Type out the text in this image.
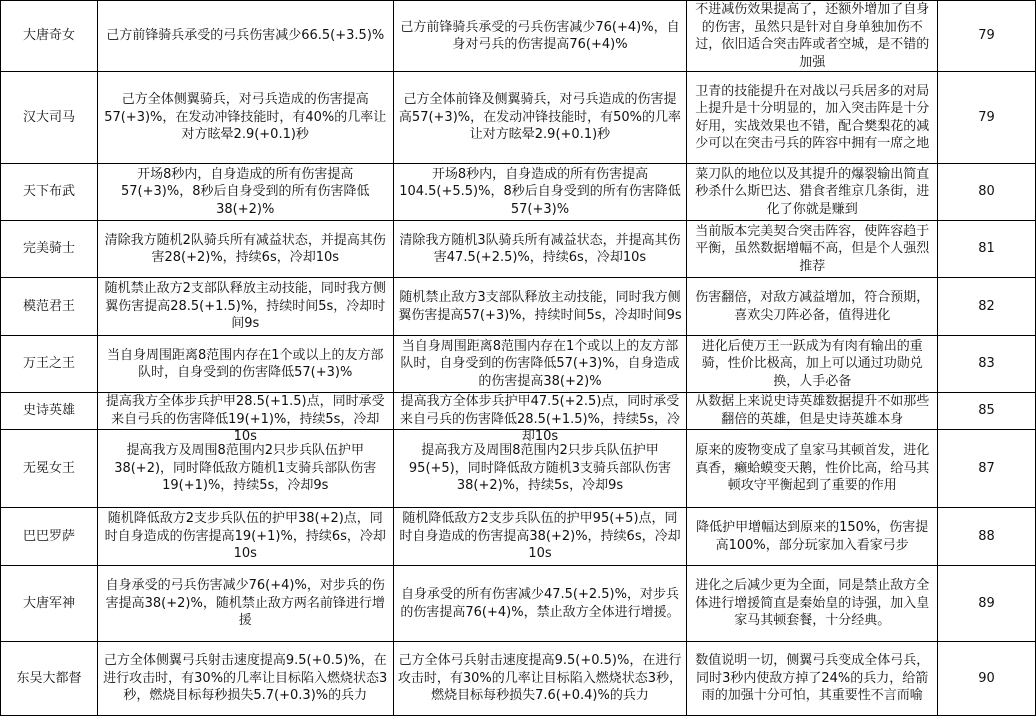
大唐奇女	己方前锋骑兵承受的弓兵伤害减少66.5(+3.5)%	己方前锋骑兵承受的弓兵伤害减少76(+4)%，自身对弓兵的伤害提高76(+4)%	不进减伤效果提高了，还额外增加了自身的伤害，虽然只是针对自身单独加伤不过，依旧适合突击阵或者空城，是不错的加强	79
汉大司马	己方全体侧翼骑兵，对弓兵造成的伤害提高57(+3)%，在发动冲锋技能时，有40%的几率让对方眩晕2.9(+0.1)秒	己方全体前锋及侧翼骑兵，对弓兵造成的伤害提高57(+3)%，在发动冲锋技能时，有50%的几率让对方眩晕2.9(+0.1)秒	卫青的技能提升在对战以弓兵居多的对局上提升是十分明显的，加入突击阵是十分好用，实战效果也不错，配合樊梨花的减少可以在突击弓兵的阵容中拥有一席之地	79
天下布武	开场8秒内，自身造成的所有伤害提高57(+3)%，8秒后自身受到的所有伤害降低38(+2)%	开场8秒内，自身造成的所有伤害提高104.5(+5.5)%，8秒后自身受到的所有伤害降低57(+3)%	菜刀队的地位以及其提升的爆裂输出简直秒杀什么斯巴达、猎食者维京几条街，进化了你就是赚到	80
完美骑士	清除我方随机2队骑兵所有减益状态，并提高其伤害28(+2)%，持续6s，冷却10s	清除我方随机3队骑兵所有减益状态，并提高其伤害47.5(+2.5)%，持续6s，冷却10s	当前版本完美契合突击阵容，使阵容趋于平衡，虽然数据增幅不高，但是个人强烈推荐	81
模范君王	随机禁止敌方2支部队释放主动技能，同时我方侧翼伤害提高28.5(+1.5)%，持续时间5s，冷却时间9s	随机禁止敌方3支部队释放主动技能，同时我方侧翼伤害提高57(+3)%，持续时间5s，冷却时间9s	伤害翻倍，对敌方减益增加，符合预期，喜欢尖刀阵必备，值得进化	82
万王之王	当自身周围距离8范围内存在1个或以上的友方部队时，自身受到的伤害降低57(+3)%	当自身周围距离8范围内存在1个或以上的友方部队时，自身受到的伤害降低57(+3)%，自身造成的伤害提高38(+2)%	进化后使万王一跃成为有肉有输出的重骑，性价比极高，加上可以通过功勋兑换，人手必备	83
史诗英雄	提高我方全体步兵护甲28.5(+1.5)点，同时承受来自弓兵的伤害降低19(+1)%，持续5s，冷却10s	提高我方全体步兵护甲47.5(+2.5)点，同时承受来自弓兵的伤害降低28.5(+1.5)%，持续5s，冷却10s	从数据上来说史诗英雄数据提升不如那些翻倍的英雄，但是史诗英雄本身	85
无冕女王	提高我方及周围8范围内2只步兵队伍护甲38(+2)，同时降低敌方随机1支骑兵部队伤害19(+1)%，持续5s，冷却9s	提高我方及周围8范围内2只步兵队伍护甲95(+5)，同时降低敌方随机3支骑兵部队伤害38(+2)%，持续5s，冷却9s	原来的废物变成了皇家马其顿首发，进化真香，癞蛤蟆变天鹅，性价比高，给马其顿攻守平衡起到了重要的作用	87
巴巴罗萨	随机降低敌方2支步兵队伍的护甲38(+2)点，同时自身造成的伤害提高19(+1)%，持续6s，冷却10s	随机降低敌方2支步兵队伍的护甲95(+5)点，同时自身造成的伤害提高38(+2)%，持续6s，冷却10s	降低护甲增幅达到原来的150%，伤害提高100%，部分玩家加入看家弓步	88
大唐军神	自身承受的弓兵伤害减少76(+4)%，对步兵的伤害提高38(+2)%，随机禁止敌方两名前锋进行增援	自身承受的所有伤害减少47.5(+2.5)%，对步兵的伤害提高76(+4)%，禁止敌方全体进行增援。	进化之后减少更为全面，同是禁止敌方全体进行增援简直是秦始皇的诗强，加入皇家马其顿套餐，十分经典。	89
东吴大都督	己方全体侧翼弓兵射击速度提高9.5(+0.5)%，在进行攻击时，有30%的几率让目标陷入燃烧状态3秒，燃烧目标每秒损失5.7(+0.3)%的兵力	己方全体弓兵射击速度提高9.5(+0.5)%，在进行攻击时，有30%的几率让目标陷入燃烧状态3秒，燃烧目标每秒损失7.6(+0.4)%的兵力	数值说明一切，侧翼弓兵变成全体弓兵，同时3秒内使敌方掉了24%的兵力，给箭雨的加强十分可怕，其重要性不言而喻	90
